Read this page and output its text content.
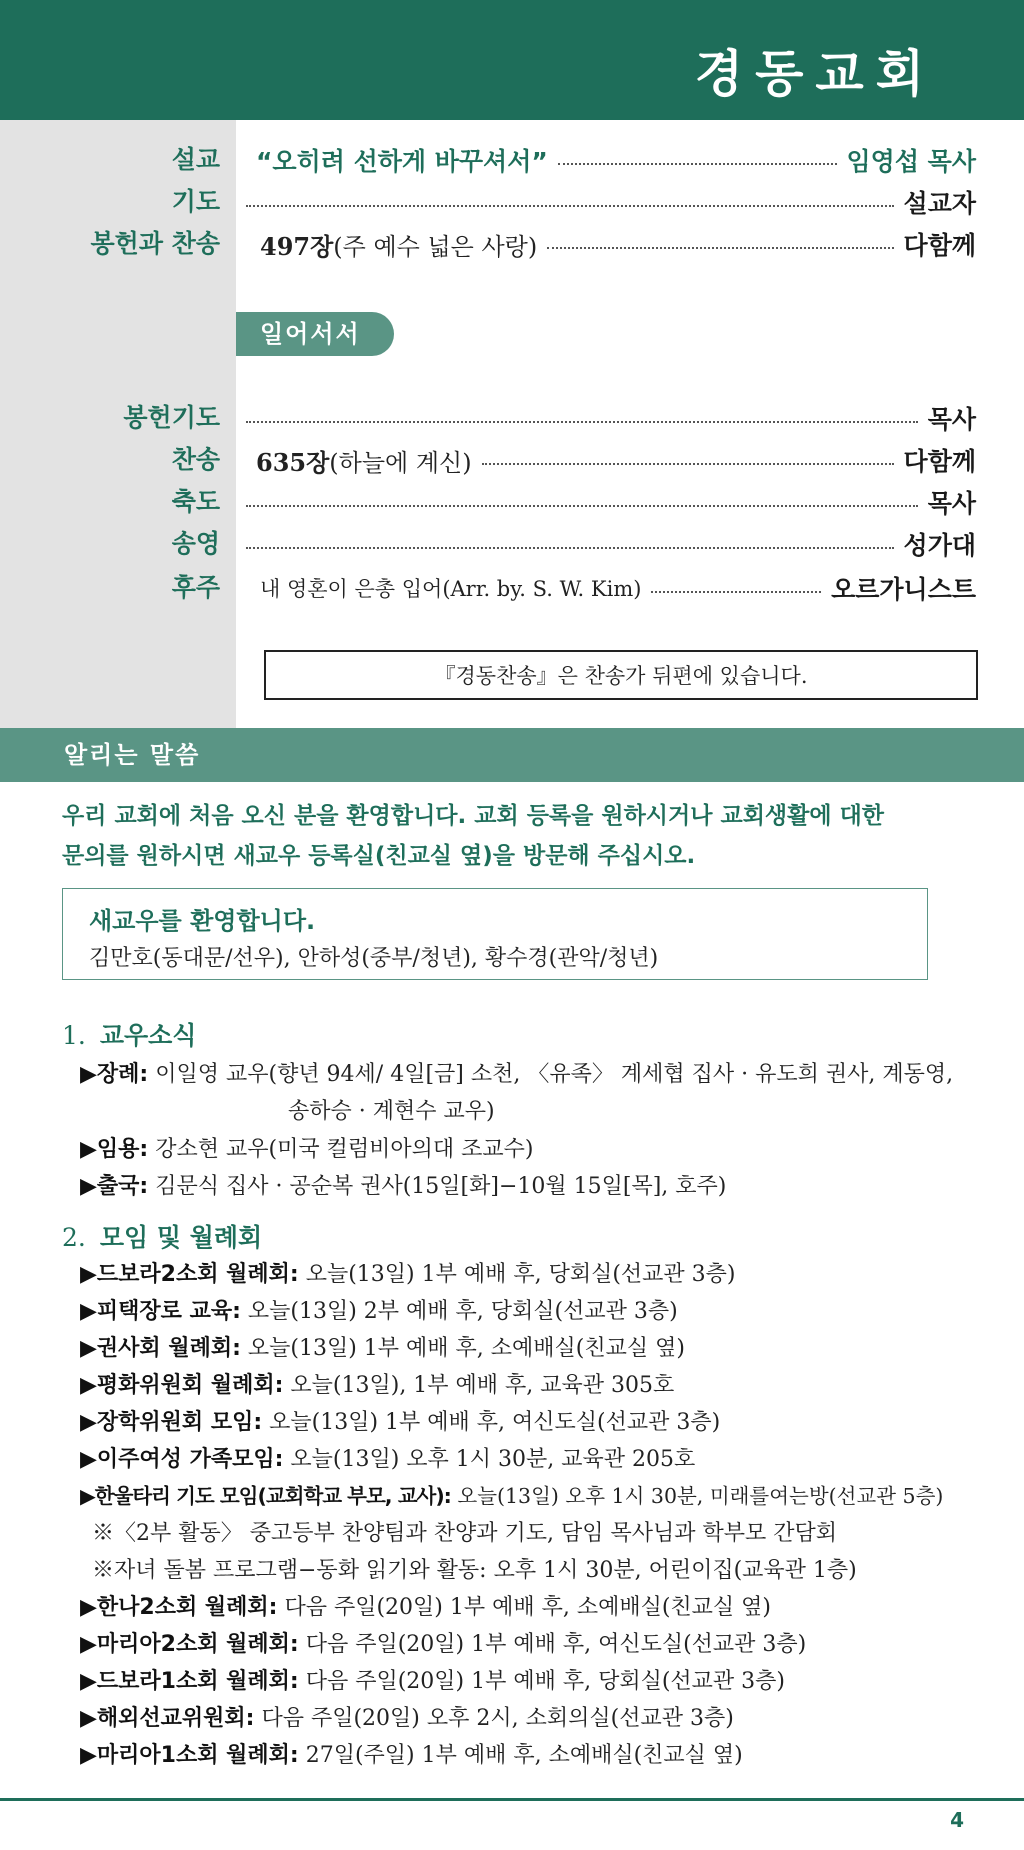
경동교회
설교	“오히려 선하게 바꾸셔서”	임영섭 목사
기도	설교자
봉헌과 찬송	497장(주 예수 넓은 사랑)	다함께
일어서서
봉헌기도	목사
찬송	635장(하늘에 계신)	다함께
축도	목사
송영	성가대
후주	내 영혼이 은총 입어(Arr. by. S. W. Kim)	오르가니스트
『경동찬송』은 찬송가 뒤편에 있습니다.
알리는 말씀
우리 교회에 처음 오신 분을 환영합니다. 교회 등록을 원하시거나 교회생활에 대한
문의를 원하시면 새교우 등록실(친교실 옆)을 방문해 주십시오.
새교우를 환영합니다.
김만호(동대문/선우), 안하성(중부/청년), 황수경(관악/청년)
1. 교우소식
▶장례: 이일영 교우(향년 94세/ 4일[금] 소천, 〈유족〉 계세협 집사 · 유도희 권사, 계동영,
송하승 · 계현수 교우)
▶임용: 강소현 교우(미국 컬럼비아의대 조교수)
▶출국: 김문식 집사 · 공순복 권사(15일[화]−10월 15일[목], 호주)
2. 모임 및 월례회
▶드보라2소회 월례회: 오늘(13일) 1부 예배 후, 당회실(선교관 3층)
▶피택장로 교육: 오늘(13일) 2부 예배 후, 당회실(선교관 3층)
▶권사회 월례회: 오늘(13일) 1부 예배 후, 소예배실(친교실 옆)
▶평화위원회 월례회: 오늘(13일), 1부 예배 후, 교육관 305호
▶장학위원회 모임: 오늘(13일) 1부 예배 후, 여신도실(선교관 3층)
▶이주여성 가족모임: 오늘(13일) 오후 1시 30분, 교육관 205호
▶한울타리 기도 모임(교회학교 부모, 교사): 오늘(13일) 오후 1시 30분, 미래를여는방(선교관 5층)
※〈2부 활동〉 중고등부 찬양팀과 찬양과 기도, 담임 목사님과 학부모 간담회
※자녀 돌봄 프로그램−동화 읽기와 활동: 오후 1시 30분, 어린이집(교육관 1층)
▶한나2소회 월례회: 다음 주일(20일) 1부 예배 후, 소예배실(친교실 옆)
▶마리아2소회 월례회: 다음 주일(20일) 1부 예배 후, 여신도실(선교관 3층)
▶드보라1소회 월례회: 다음 주일(20일) 1부 예배 후, 당회실(선교관 3층)
▶해외선교위원회: 다음 주일(20일) 오후 2시, 소회의실(선교관 3층)
▶마리아1소회 월례회: 27일(주일) 1부 예배 후, 소예배실(친교실 옆)
4
